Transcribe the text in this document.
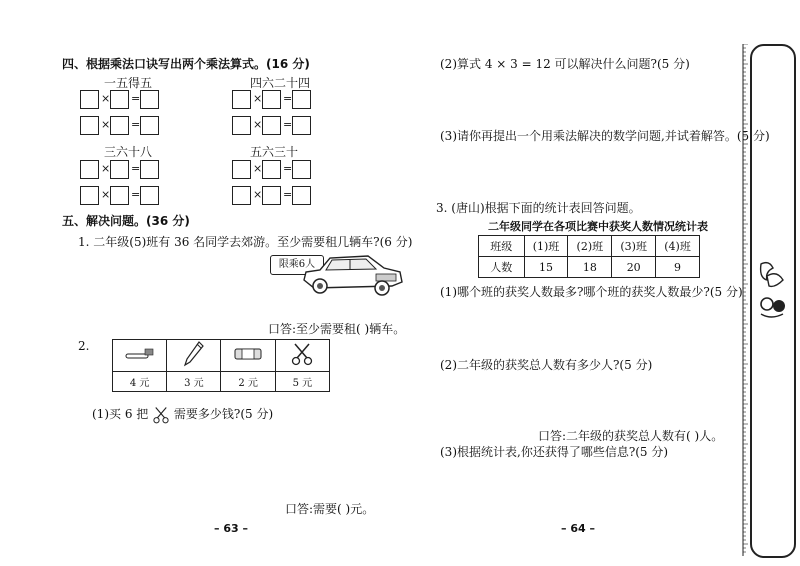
四、根据乘法口诀写出两个乘法算式。(16 分)
一五得五	四六二十四
三六十八	五六三十
× =
× =
× =
× =
× =
× =
× =
× =
五、解决问题。(36 分)
1. 二年级(5)班有 36 名同学去郊游。至少需要租几辆车?(6 分)
限乘6人
口答:至少需要租( )辆车。
2.

4 元	3 元	2 元	5 元
(1)买 6 把 需要多少钱?(5 分)
口答:需要( )元。
– 63 –
(2)算式 4 × 3 = 12 可以解决什么问题?(5 分)
(3)请你再提出一个用乘法解决的数学问题,并试着解答。(5 分)
3. (唐山)根据下面的统计表回答问题。
二年级同学在各项比赛中获奖人数情况统计表
班级	(1)班	(2)班	(3)班	(4)班
人数	15	18	20	9
(1)哪个班的获奖人数最多?哪个班的获奖人数最少?(5 分)
(2)二年级的获奖总人数有多少人?(5 分)
口答:二年级的获奖总人数有( )人。
(3)根据统计表,你还获得了哪些信息?(5 分)
– 64 –
